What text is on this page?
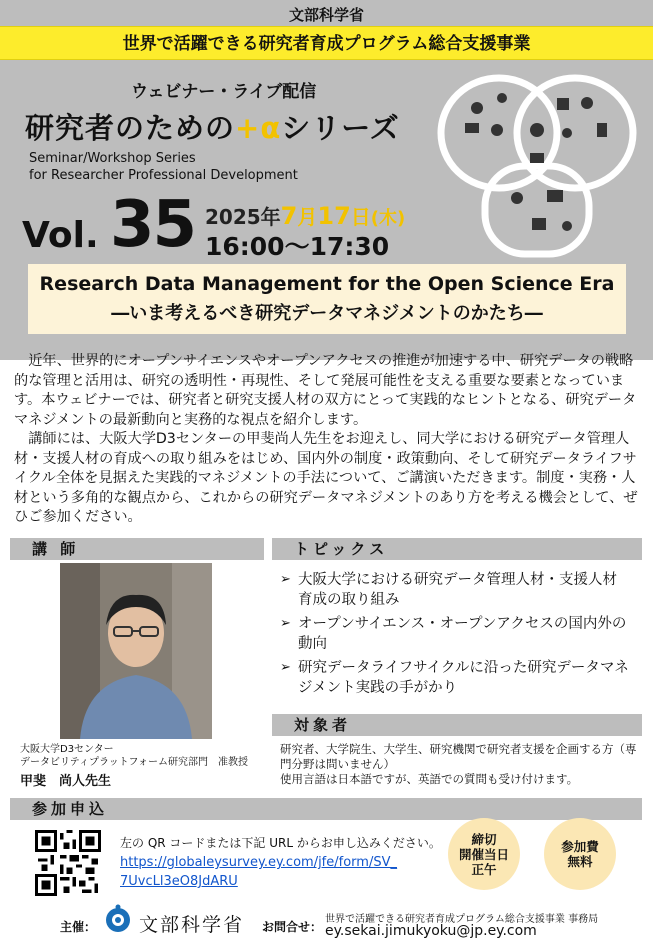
文部科学省
世界で活躍できる研究者育成プログラム総合支援事業
ウェビナー・ライブ配信
研究者のための+αシリーズ
Seminar/Workshop Series
for Researcher Professional Development
Vol. 35 2025年7月17日(木)
16:00～17:30
Research Data Management for the Open Science Era
―いま考えるべき研究データマネジメントのかたち―

近年、世界的にオープンサイエンスやオープンアクセスの推進が加速する中、研究データの戦略的な管理と活用は、研究の透明性・再現性、そして発展可能性を支える重要な要素となっています。本ウェビナーでは、研究者と研究支援人材の双方にとって実践的なヒントとなる、研究データマネジメントの最新動向と実務的な視点を紹介します。

講師には、大阪大学D3センターの甲斐尚人先生をお迎えし、同大学における研究データ管理人材・支援人材の育成への取り組みをはじめ、国内外の制度・政策動向、そして研究データライフサイクル全体を見据えた実践的マネジメントの手法について、ご講演いただきます。制度・実務・人材という多角的な観点から、これからの研究データマネジメントのあり方を考える機会として、ぜひご参加ください。

講 師	トピックス
大阪大学D3センター
データビリティプラットフォーム研究部門　准教授
甲斐　尚人先生
➢ 大阪大学における研究データ管理人材・支援人材育成の取り組み
➢ オープンサイエンス・オープンアクセスの国内外の動向
➢ 研究データライフサイクルに沿った研究データマネジメント実践の手がかり
対象者
研究者、大学院生、大学生、研究機関で研究者支援を企画する方（専門分野は問いません）
使用言語は日本語ですが、英語での質問も受け付けます。
参加申込
左の QR コードまたは下記 URL からお申し込みください。
https://globaleysurvey.ey.com/jfe/form/SV_7UvcLl3eO8JdARU
締切
開催当日
正午
参加費
無料
主催： 文部科学省 お問合せ：
世界で活躍できる研究者育成プログラム総合支援事業 事務局
ey.sekai.jimukyoku@jp.ey.com
